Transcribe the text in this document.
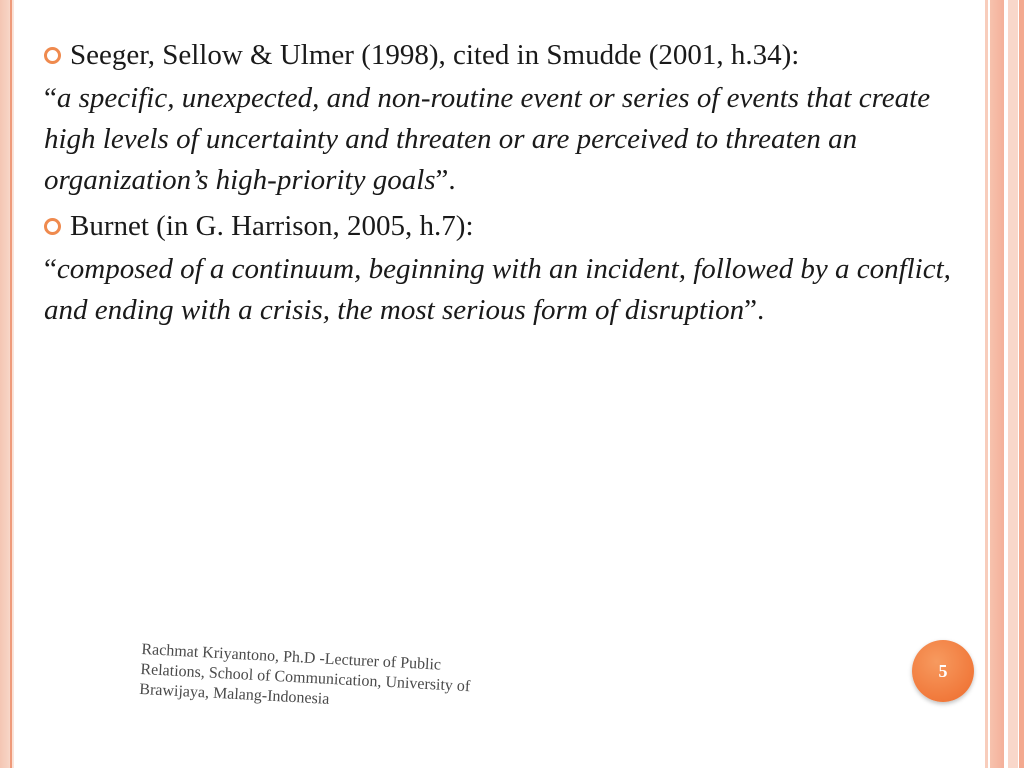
Seeger, Sellow & Ulmer (1998), cited in Smudde (2001, h.34):
“a specific, unexpected, and non-routine event or series of events that create high levels of uncertainty and threaten or are perceived to threaten an organization’s high-priority goals”.
Burnet (in G. Harrison, 2005, h.7):
“composed of a continuum, beginning with an incident, followed by a conflict, and ending with a crisis, the most serious form of disruption”.
Rachmat Kriyantono, Ph.D -Lecturer of Public Relations, School of Communication, University of Brawijaya, Malang-Indonesia
5
